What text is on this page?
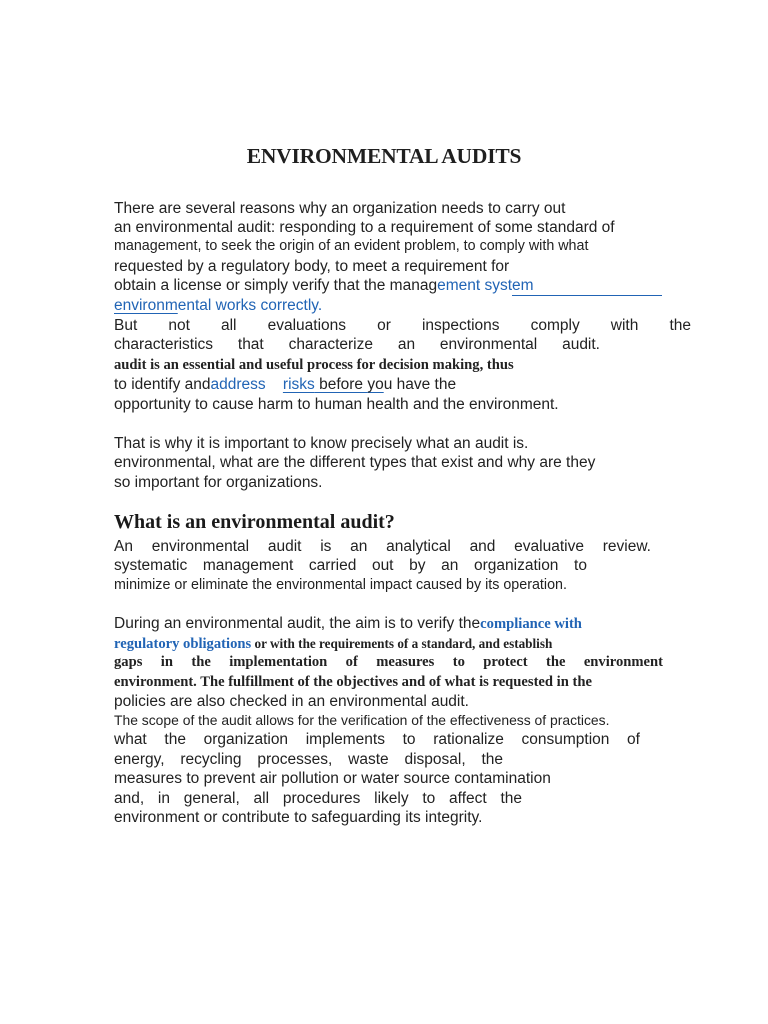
ENVIRONMENTAL AUDITS
There are several reasons why an organization needs to carry out
an environmental audit: responding to a requirement of some standard of
management, to seek the origin of an evident problem, to comply with what
requested by a regulatory body, to meet a requirement for
obtain a license or simply verify that the management system
environmental works correctly.
But not all evaluations or inspections comply with the
characteristics that characterize an environmental audit.
audit is an essential and useful process for decision making, thus
to identify andaddress risks before you have the
opportunity to cause harm to human health and the environment.
That is why it is important to know precisely what an audit is.
environmental, what are the different types that exist and why are they
so important for organizations.
What is an environmental audit?
An environmental audit is an analytical and evaluative review.
systematic management carried out by an organization to
minimize or eliminate the environmental impact caused by its operation.
During an environmental audit, the aim is to verify thecompliance with
regulatory obligations or with the requirements of a standard, and establish
gaps in the implementation of measures to protect the environment
environment. The fulfillment of the objectives and of what is requested in the
policies are also checked in an environmental audit.
The scope of the audit allows for the verification of the effectiveness of practices.
what the organization implements to rationalize consumption of
energy, recycling processes, waste disposal, the
measures to prevent air pollution or water source contamination
and, in general, all procedures likely to affect the
environment or contribute to safeguarding its integrity.
